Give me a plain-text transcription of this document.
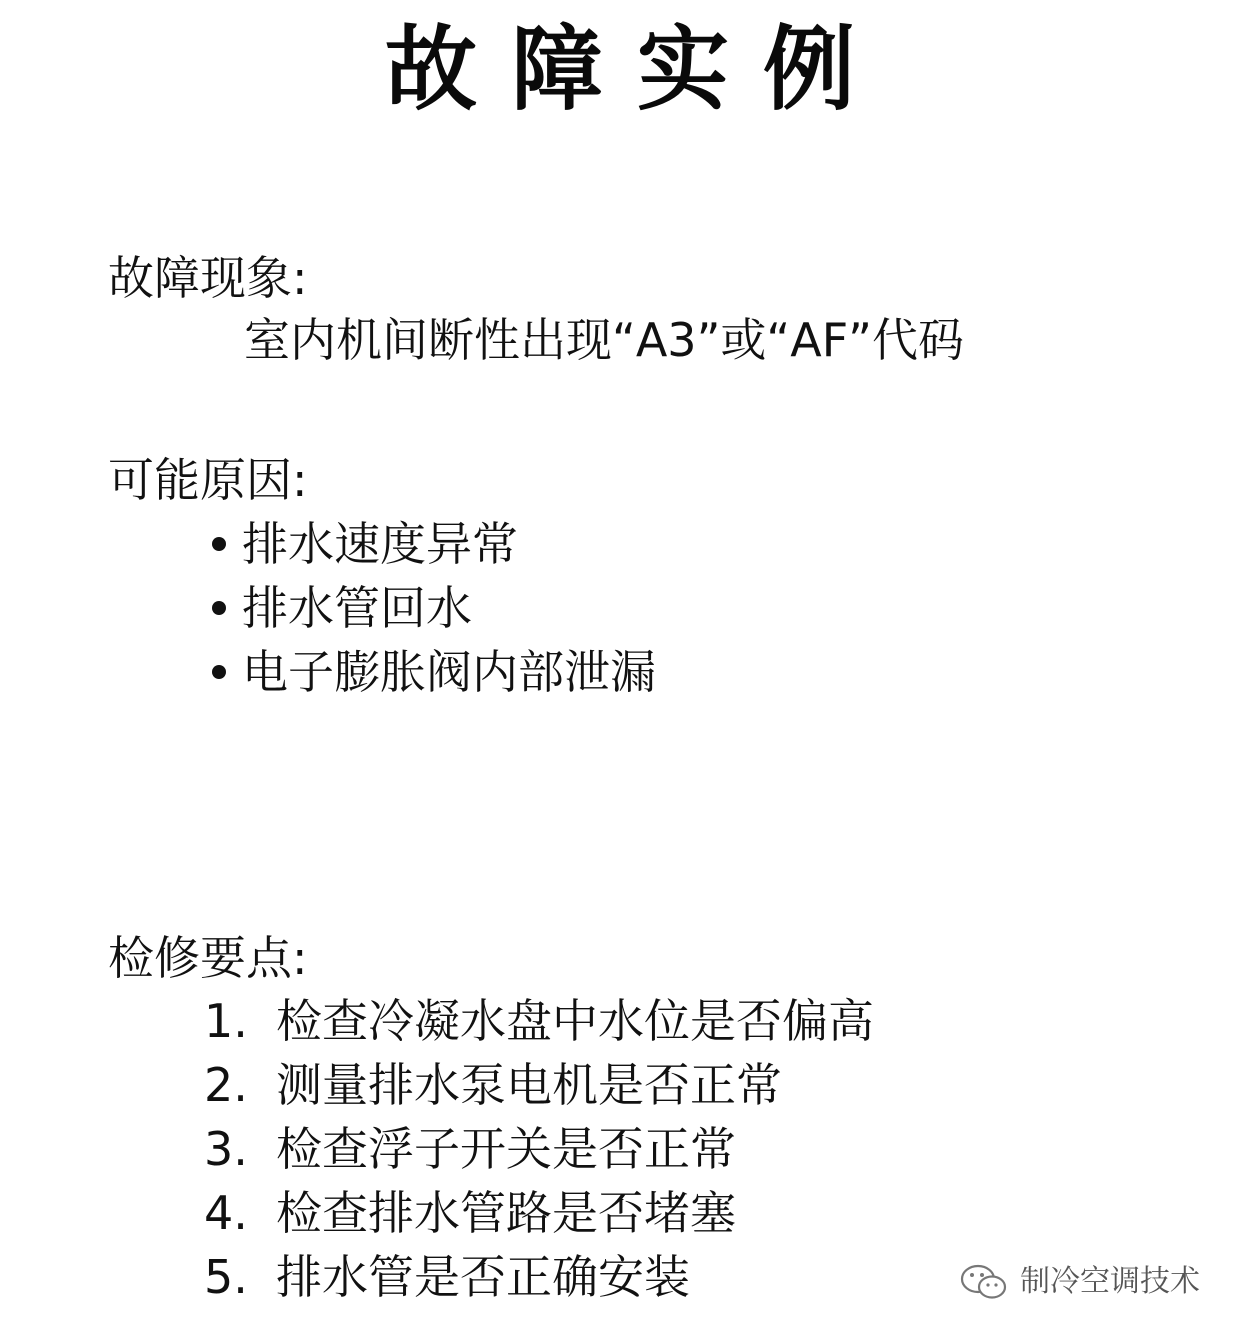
故障实例
故障现象:
室内机间断性出现“A3”或“AF”代码
可能原因:
排水速度异常
排水管回水
电子膨胀阀内部泄漏
检修要点:
1. 检查冷凝水盘中水位是否偏高
2. 测量排水泵电机是否正常
3. 检查浮子开关是否正常
4. 检查排水管路是否堵塞
5. 排水管是否正确安装	制冷空调技术
